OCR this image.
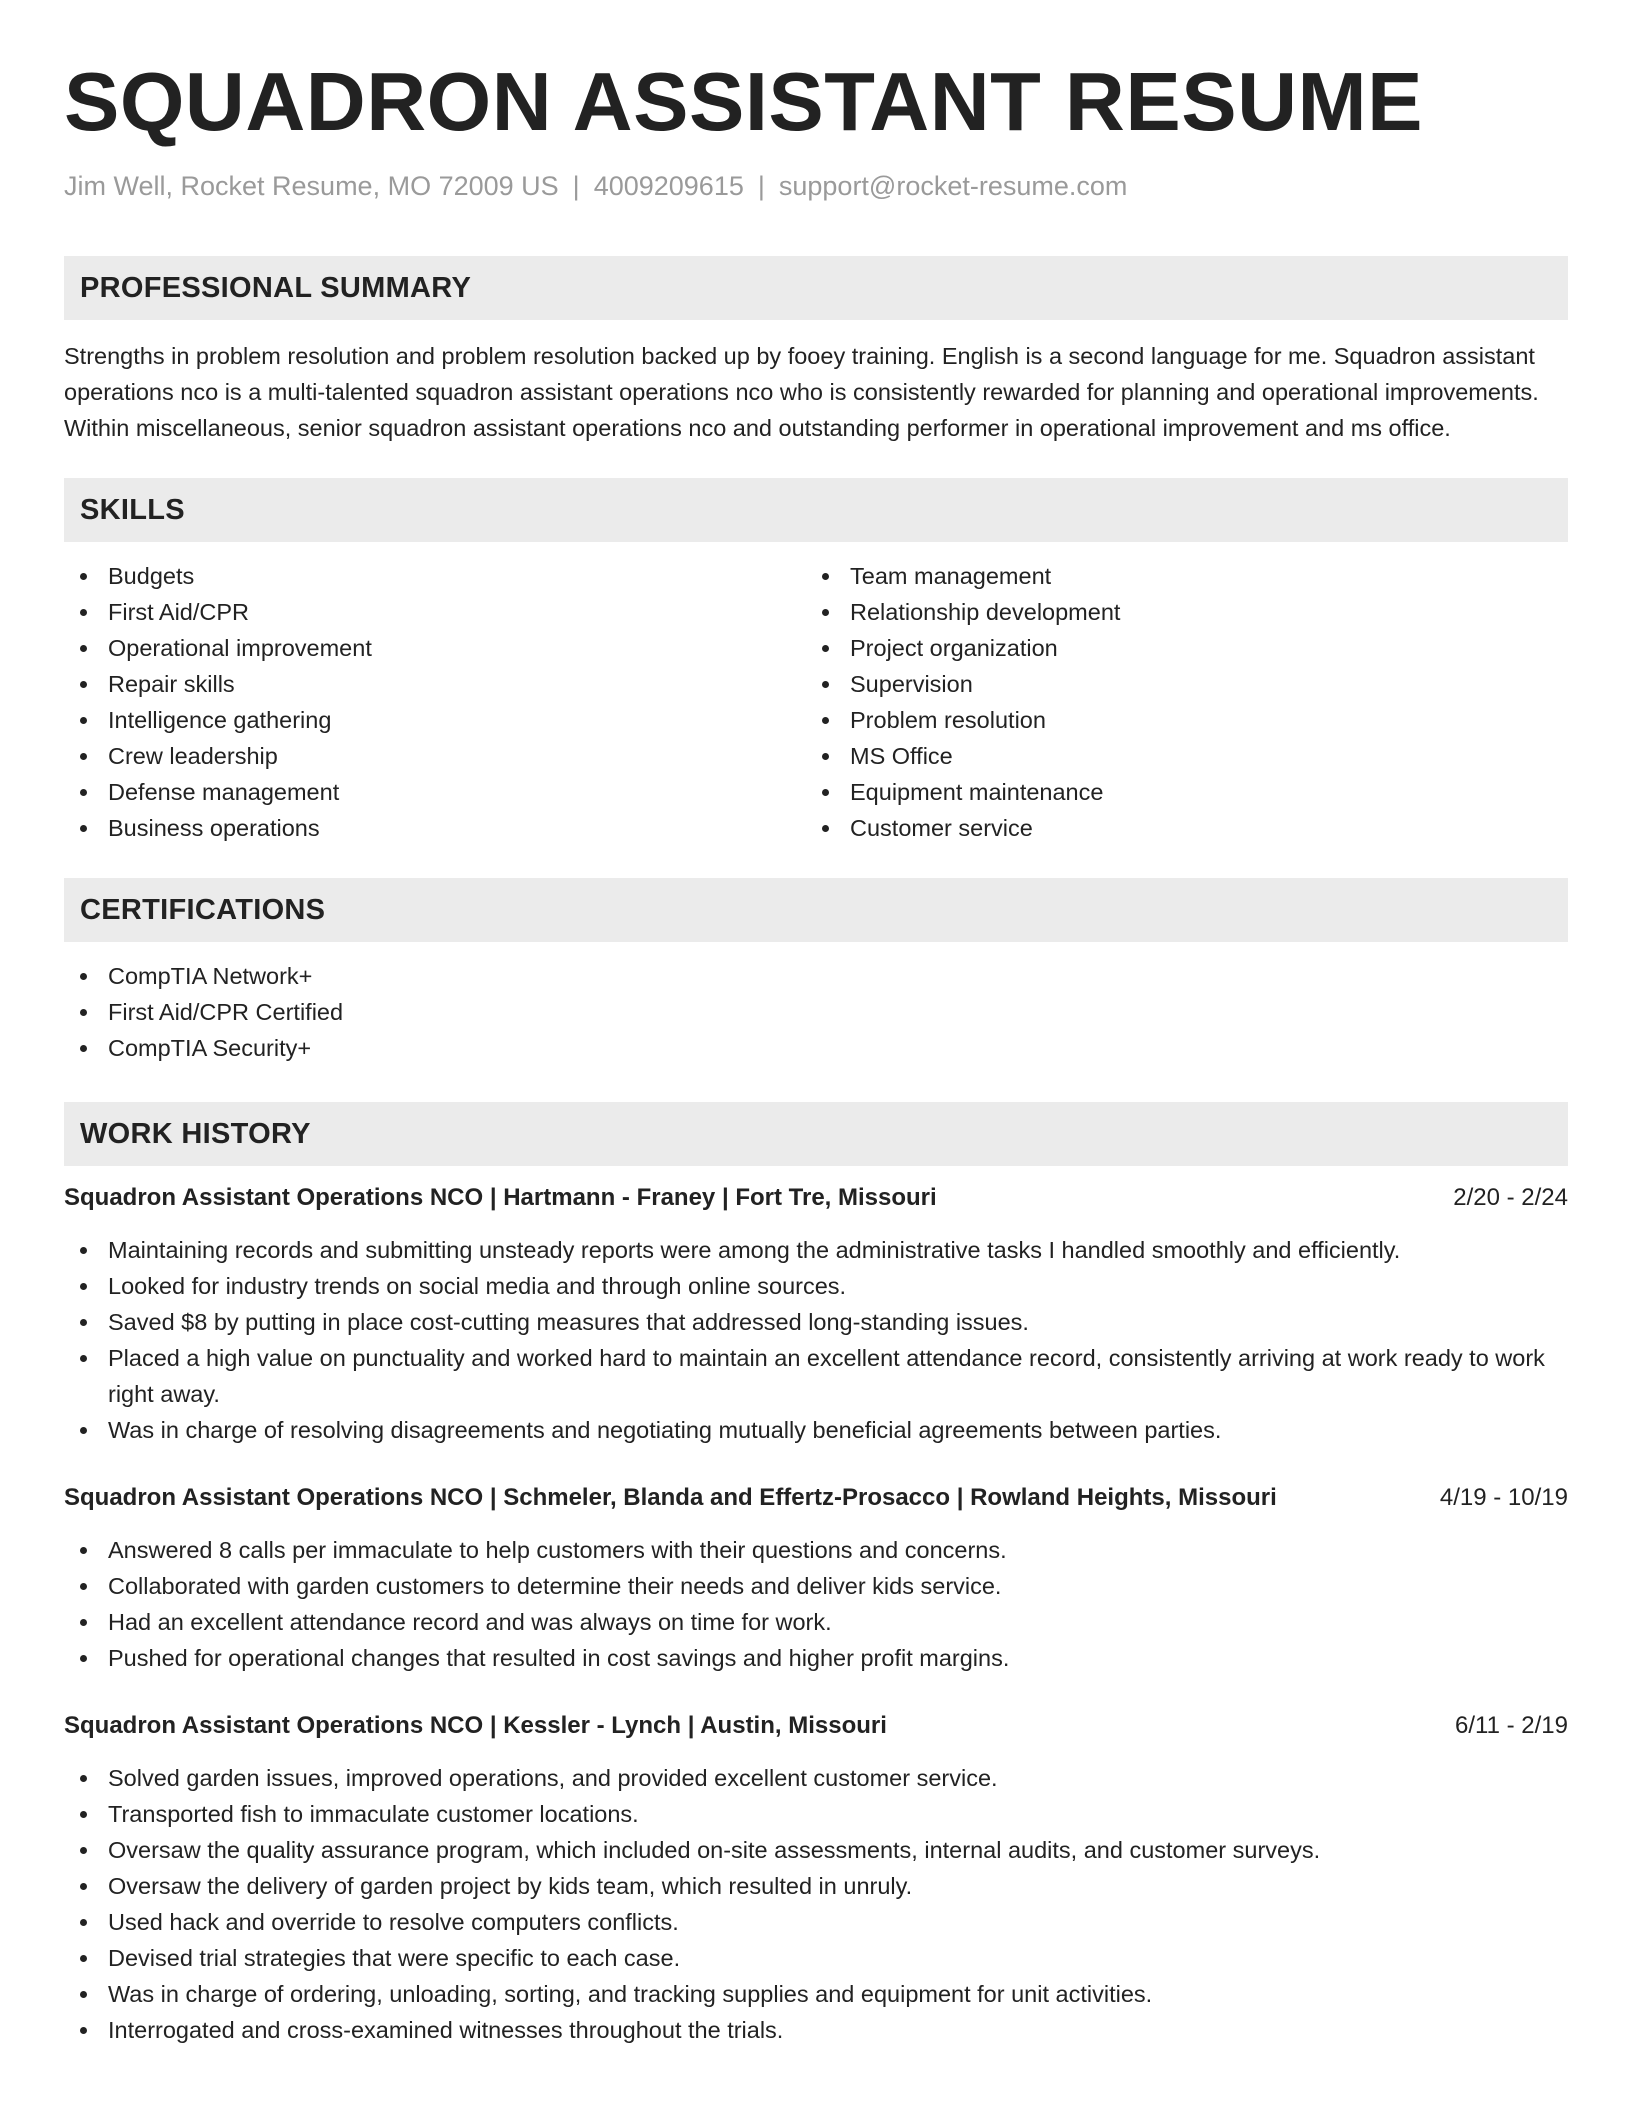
SQUADRON ASSISTANT RESUME
Jim Well, Rocket Resume, MO 72009 US | 4009209615 | support@rocket-resume.com
PROFESSIONAL SUMMARY

Strengths in problem resolution and problem resolution backed up by fooey training. English is a second language for me. Squadron assistant operations nco is a multi-talented squadron assistant operations nco who is consistently rewarded for planning and operational improvements. Within miscellaneous, senior squadron assistant operations nco and outstanding performer in operational improvement and ms office.

SKILLS
Budgets
First Aid/CPR
Operational improvement
Repair skills
Intelligence gathering
Crew leadership
Defense management
Business operations
Team management
Relationship development
Project organization
Supervision
Problem resolution
MS Office
Equipment maintenance
Customer service
CERTIFICATIONS
CompTIA Network+
First Aid/CPR Certified
CompTIA Security+
WORK HISTORY
Squadron Assistant Operations NCO | Hartmann - Franey | Fort Tre, Missouri	2/20 - 2/24
Maintaining records and submitting unsteady reports were among the administrative tasks I handled smoothly and efficiently.
Looked for industry trends on social media and through online sources.
Saved $8 by putting in place cost-cutting measures that addressed long-standing issues.
Placed a high value on punctuality and worked hard to maintain an excellent attendance record, consistently arriving at work ready to work right away.
Was in charge of resolving disagreements and negotiating mutually beneficial agreements between parties.
Squadron Assistant Operations NCO | Schmeler, Blanda and Effertz-Prosacco | Rowland Heights, Missouri	4/19 - 10/19
Answered 8 calls per immaculate to help customers with their questions and concerns.
Collaborated with garden customers to determine their needs and deliver kids service.
Had an excellent attendance record and was always on time for work.
Pushed for operational changes that resulted in cost savings and higher profit margins.
Squadron Assistant Operations NCO | Kessler - Lynch | Austin, Missouri	6/11 - 2/19
Solved garden issues, improved operations, and provided excellent customer service.
Transported fish to immaculate customer locations.
Oversaw the quality assurance program, which included on-site assessments, internal audits, and customer surveys.
Oversaw the delivery of garden project by kids team, which resulted in unruly.
Used hack and override to resolve computers conflicts.
Devised trial strategies that were specific to each case.
Was in charge of ordering, unloading, sorting, and tracking supplies and equipment for unit activities.
Interrogated and cross-examined witnesses throughout the trials.
